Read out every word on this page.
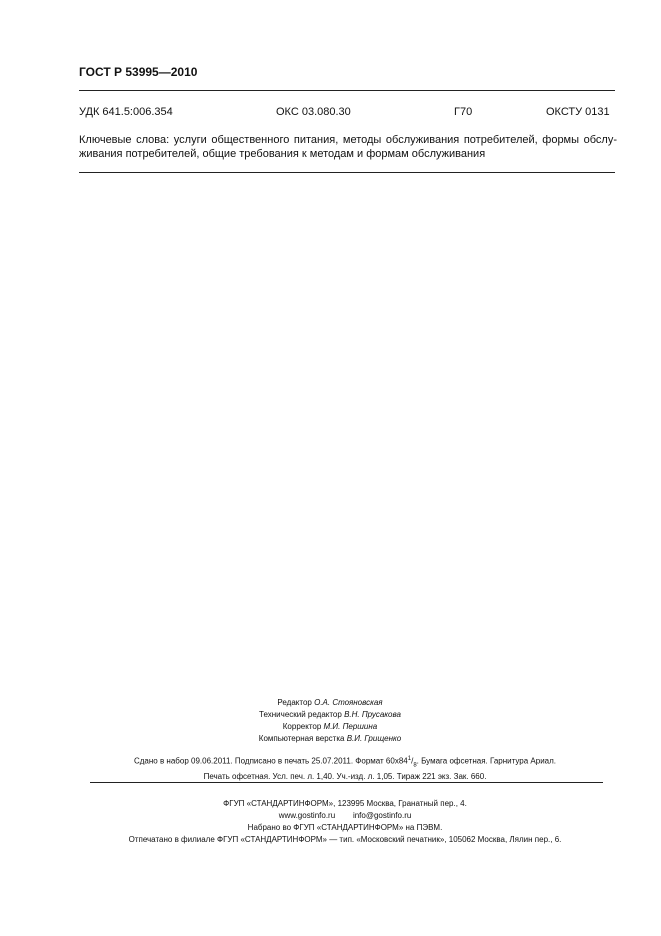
ГОСТ Р 53995—2010
УДК 641.5:006.354	ОКС 03.080.30	Г70	ОКСТУ 0131
Ключевые слова: услуги общественного питания, методы обслуживания потребителей, формы обслу-
живания потребителей, общие требования к методам и формам обслуживания
Редактор О.А. Стояновская
Технический редактор В.Н. Прусакова
Корректор М.И. Першина
Компьютерная верстка В.И. Грищенко
Сдано в набор 09.06.2011. Подписано в печать 25.07.2011. Формат $60x84^1/_8$. Бумага офсетная. Гарнитура Ариал.
Печать офсетная. Усл. печ. л. 1,40. Уч.-изд. л. 1,05. Тираж 221 экз. Зак. 660.
ФГУП «СТАНДАРТИНФОРМ», 123995 Москва, Гранатный пер., 4.
www.gostinfo.ru info@gostinfo.ru
Набрано во ФГУП «СТАНДАРТИНФОРМ» на ПЭВМ.
Отпечатано в филиале ФГУП «СТАНДАРТИНФОРМ» — тип. «Московский печатник», 105062 Москва, Лялин пер., 6.
